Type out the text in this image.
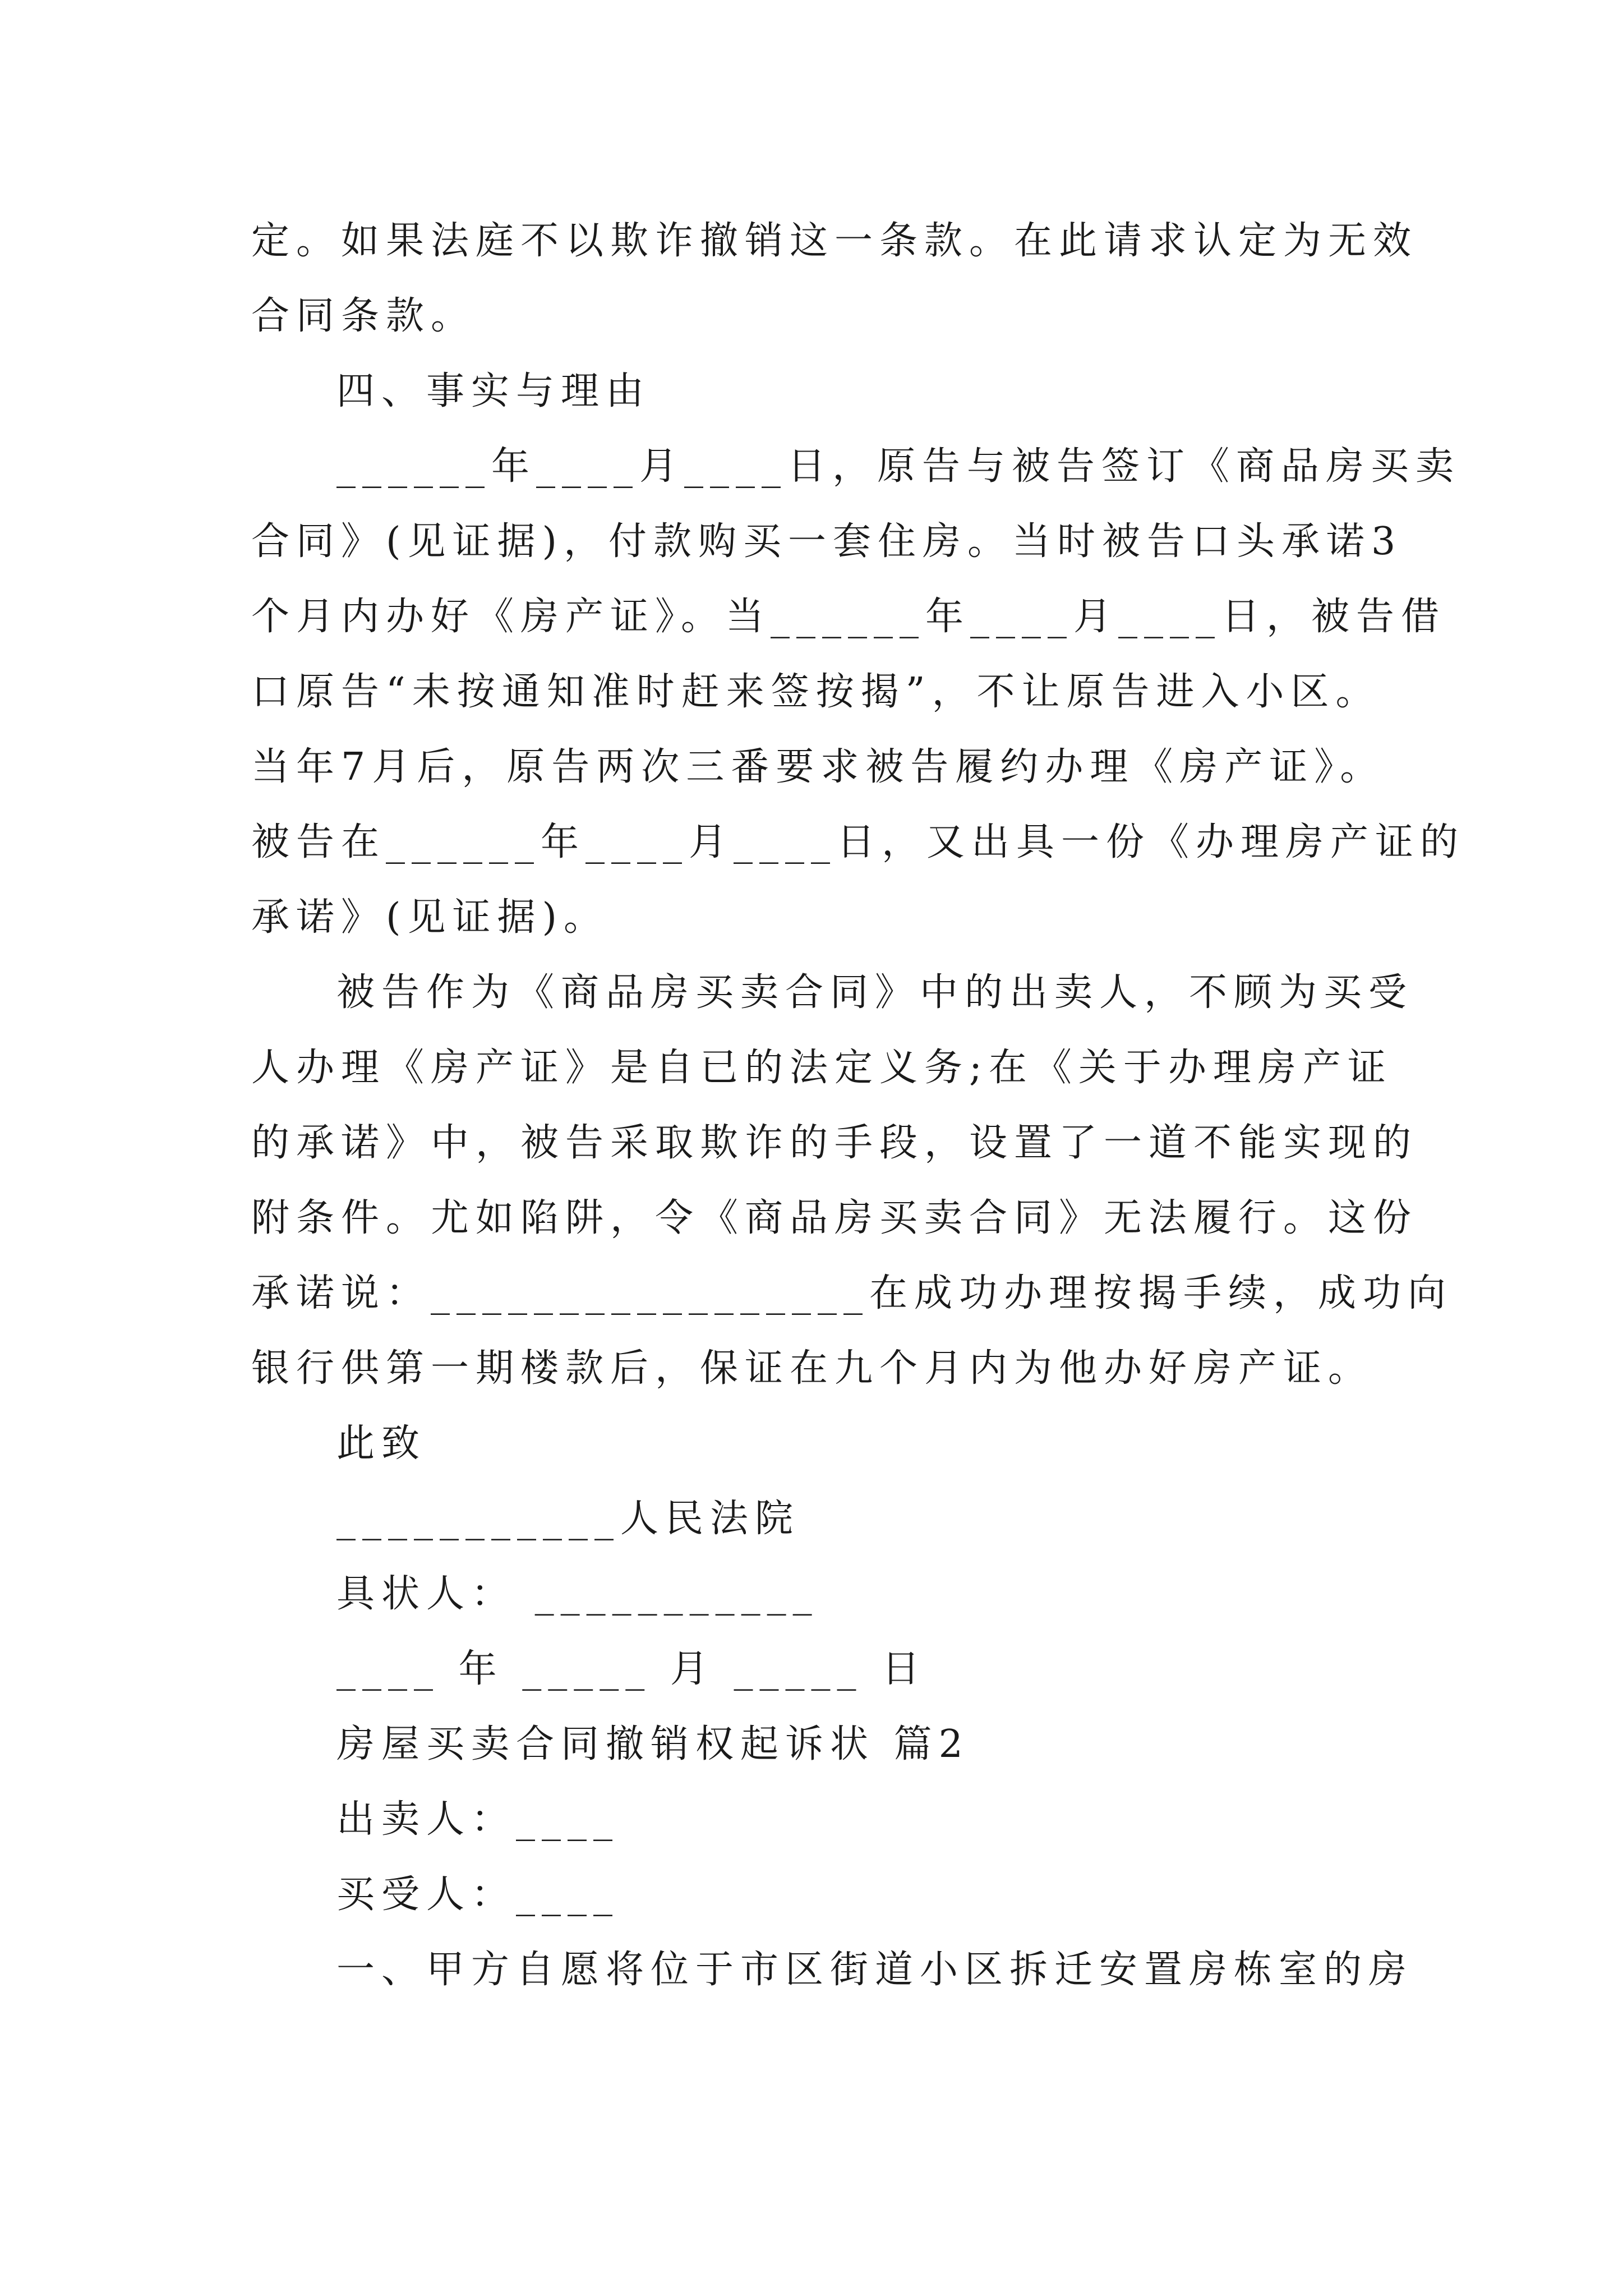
定。如果法庭不以欺诈撤销这一条款。在此请求认定为无效
合同条款。
四、事实与理由
______年____月____日，原告与被告签订《商品房买卖
合同》(见证据)，付款购买一套住房。当时被告口头承诺3
个月内办好《房产证》。当______年____月____日，被告借
口原告“未按通知准时赶来签按揭”，不让原告进入小区。
当年7月后，原告两次三番要求被告履约办理《房产证》。
被告在______年____月____日，又出具一份《办理房产证的
承诺》(见证据)。
被告作为《商品房买卖合同》中的出卖人，不顾为买受
人办理《房产证》是自已的法定义务;在《关于办理房产证
的承诺》中，被告采取欺诈的手段，设置了一道不能实现的
附条件。尤如陷阱，令《商品房买卖合同》无法履行。这份
承诺说：_________________在成功办理按揭手续，成功向
银行供第一期楼款后，保证在九个月内为他办好房产证。
此致
___________人民法院
具状人： ___________
____ 年 _____ 月 _____ 日
房屋买卖合同撤销权起诉状 篇2
出卖人：____
买受人：____
一、甲方自愿将位于市区街道小区拆迁安置房栋室的房
